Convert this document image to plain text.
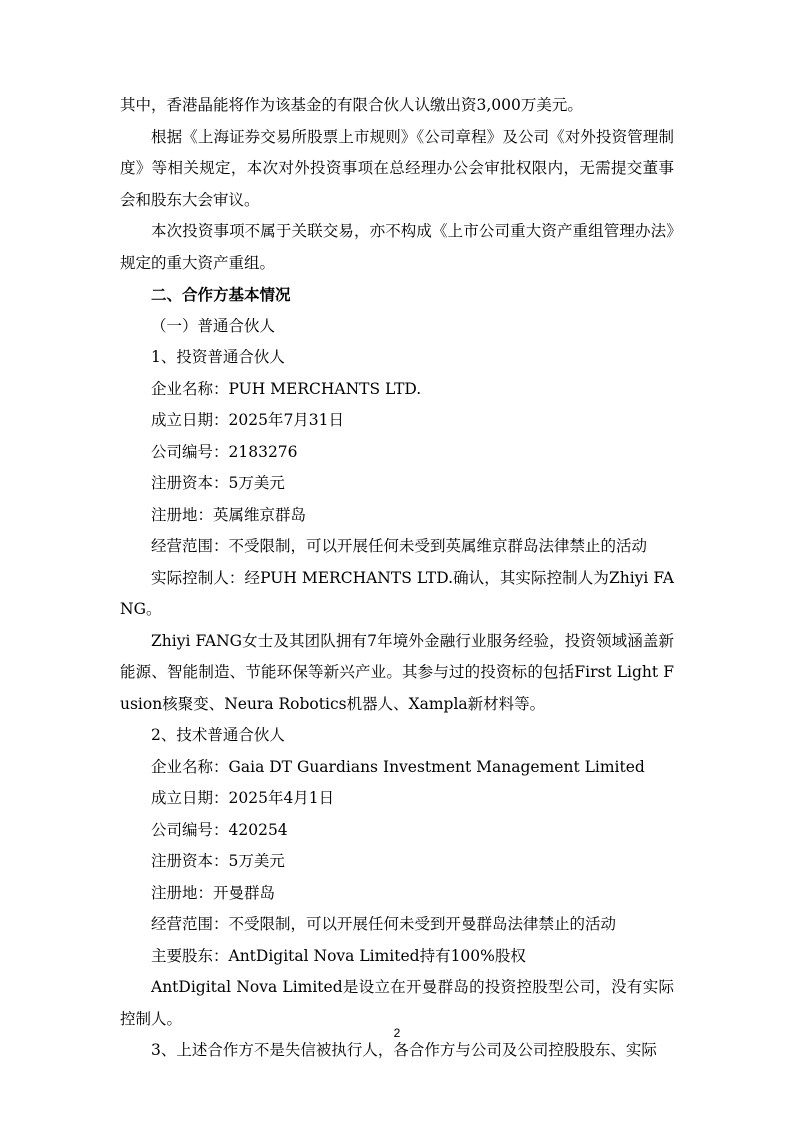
其中，香港晶能将作为该基金的有限合伙人认缴出资3,000万美元。

根据《上海证券交易所股票上市规则》《公司章程》及公司《对外投资管理制度》等相关规定，本次对外投资事项在总经理办公会审批权限内，无需提交董事会和股东大会审议。

本次投资事项不属于关联交易，亦不构成《上市公司重大资产重组管理办法》规定的重大资产重组。

二、合作方基本情况

（一）普通合伙人

1、投资普通合伙人

企业名称：PUH MERCHANTS LTD.

成立日期：2025年7月31日

公司编号：2183276

注册资本：5万美元

注册地：英属维京群岛

经营范围：不受限制，可以开展任何未受到英属维京群岛法律禁止的活动

实际控制人：经PUH MERCHANTS LTD.确认，其实际控制人为Zhiyi FANG。

Zhiyi FANG女士及其团队拥有7年境外金融行业服务经验，投资领域涵盖新能源、智能制造、节能环保等新兴产业。其参与过的投资标的包括First Light Fusion核聚变、Neura Robotics机器人、Xampla新材料等。

2、技术普通合伙人

企业名称：Gaia DT Guardians Investment Management Limited

成立日期：2025年4月1日

公司编号：420254

注册资本：5万美元

注册地：开曼群岛

经营范围：不受限制，可以开展任何未受到开曼群岛法律禁止的活动

主要股东：AntDigital Nova Limited持有100%股权

AntDigital Nova Limited是设立在开曼群岛的投资控股型公司，没有实际控制人。

3、上述合作方不是失信被执行人，各合作方与公司及公司控股股东、实际

2
